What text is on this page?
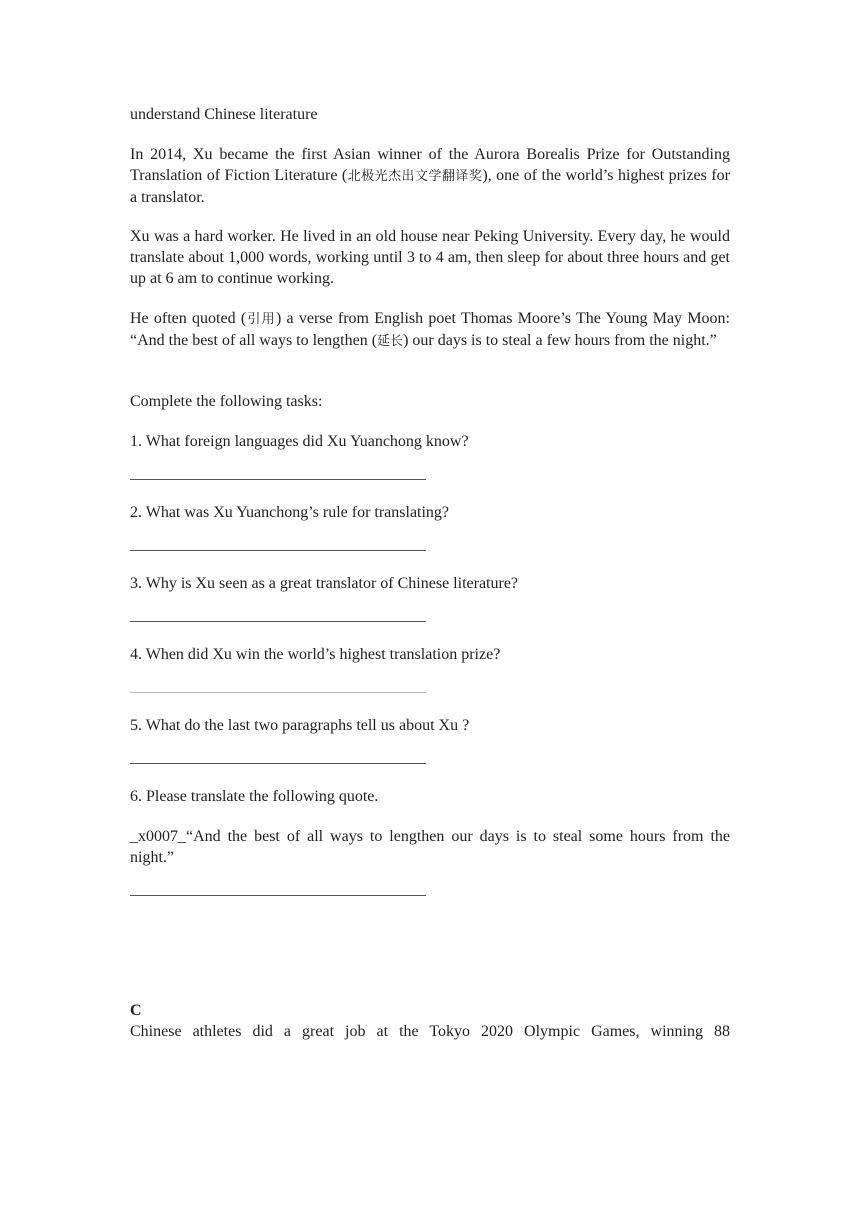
understand Chinese literature

In 2014, Xu became the first Asian winner of the Aurora Borealis Prize for Outstanding Translation of Fiction Literature (北极光杰出文学翻译奖), one of the world’s highest prizes for a translator.

Xu was a hard worker. He lived in an old house near Peking University. Every day, he would translate about 1,000 words, working until 3 to 4 am, then sleep for about three hours and get up at 6 am to continue working.

He often quoted (引用) a verse from English poet Thomas Moore’s The Young May Moon: “And the best of all ways to lengthen (延长) our days is to steal a few hours from the night.”

Complete the following tasks:

1. What foreign languages did Xu Yuanchong know?

2. What was Xu Yuanchong’s rule for translating?

3. Why is Xu seen as a great translator of Chinese literature?

4. When did Xu win the world’s highest translation prize?

5. What do the last two paragraphs tell us about Xu ?

6. Please translate the following quote.

_x0007_“And the best of all ways to lengthen our days is to steal some hours from the night.”

C

Chinese athletes did a great job at the Tokyo 2020 Olympic Games, winning 88
